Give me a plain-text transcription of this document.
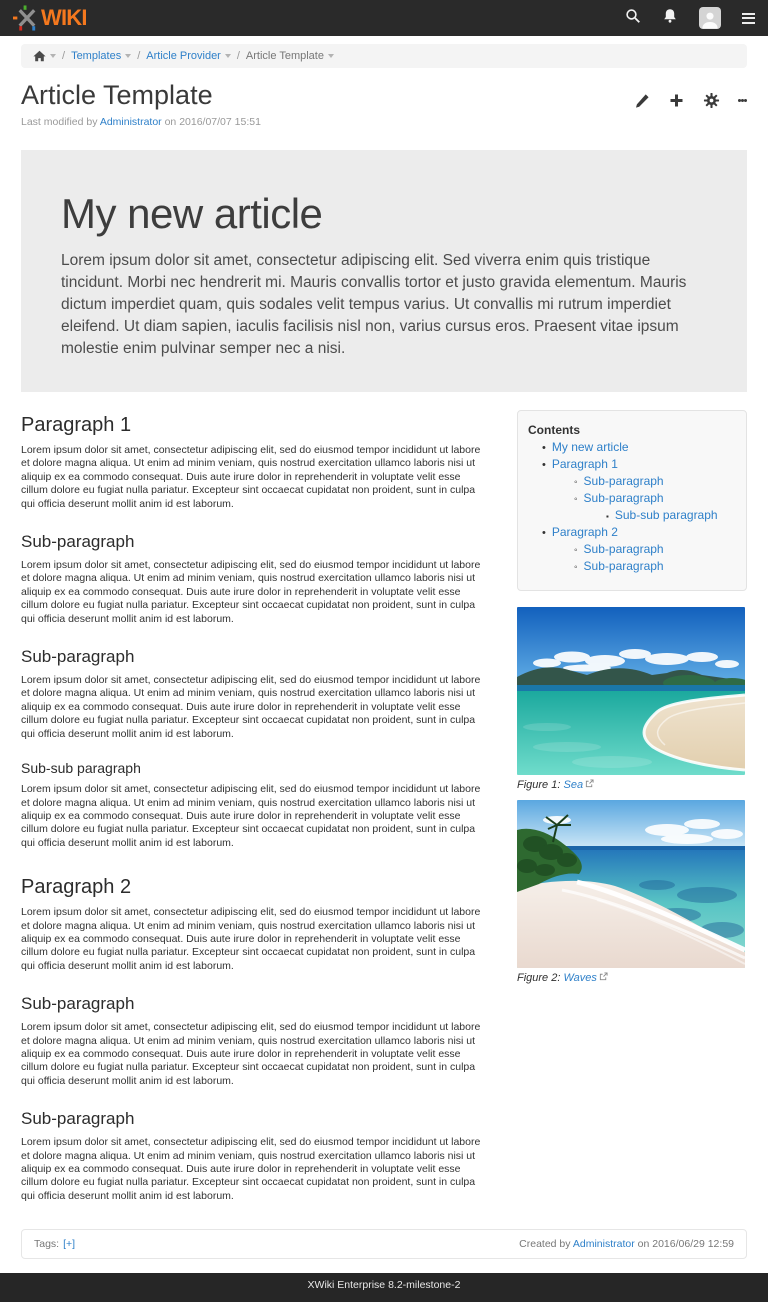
WIKI
/ Templates / Article Provider / Article Template
Article Template
Last modified by Administrator on 2016/07/07 15:51
My new article

Lorem ipsum dolor sit amet, consectetur adipiscing elit. Sed viverra enim quis tristique tincidunt. Morbi nec hendrerit mi. Mauris convallis tortor et justo gravida elementum. Mauris dictum imperdiet quam, quis sodales velit tempus varius. Ut convallis mi rutrum imperdiet eleifend. Ut diam sapien, iaculis facilisis nisl non, varius cursus eros. Praesent vitae ipsum molestie enim pulvinar semper nec a nisi.

Paragraph 1

Lorem ipsum dolor sit amet, consectetur adipiscing elit, sed do eiusmod tempor incididunt ut labore et dolore magna aliqua. Ut enim ad minim veniam, quis nostrud exercitation ullamco laboris nisi ut aliquip ex ea commodo consequat. Duis aute irure dolor in reprehenderit in voluptate velit esse cillum dolore eu fugiat nulla pariatur. Excepteur sint occaecat cupidatat non proident, sunt in culpa qui officia deserunt mollit anim id est laborum.

Sub-paragraph

Lorem ipsum dolor sit amet, consectetur adipiscing elit, sed do eiusmod tempor incididunt ut labore et dolore magna aliqua. Ut enim ad minim veniam, quis nostrud exercitation ullamco laboris nisi ut aliquip ex ea commodo consequat. Duis aute irure dolor in reprehenderit in voluptate velit esse cillum dolore eu fugiat nulla pariatur. Excepteur sint occaecat cupidatat non proident, sunt in culpa qui officia deserunt mollit anim id est laborum.

Sub-paragraph

Lorem ipsum dolor sit amet, consectetur adipiscing elit, sed do eiusmod tempor incididunt ut labore et dolore magna aliqua. Ut enim ad minim veniam, quis nostrud exercitation ullamco laboris nisi ut aliquip ex ea commodo consequat. Duis aute irure dolor in reprehenderit in voluptate velit esse cillum dolore eu fugiat nulla pariatur. Excepteur sint occaecat cupidatat non proident, sunt in culpa qui officia deserunt mollit anim id est laborum.

Sub-sub paragraph

Lorem ipsum dolor sit amet, consectetur adipiscing elit, sed do eiusmod tempor incididunt ut labore et dolore magna aliqua. Ut enim ad minim veniam, quis nostrud exercitation ullamco laboris nisi ut aliquip ex ea commodo consequat. Duis aute irure dolor in reprehenderit in voluptate velit esse cillum dolore eu fugiat nulla pariatur. Excepteur sint occaecat cupidatat non proident, sunt in culpa qui officia deserunt mollit anim id est laborum.

Paragraph 2

Lorem ipsum dolor sit amet, consectetur adipiscing elit, sed do eiusmod tempor incididunt ut labore et dolore magna aliqua. Ut enim ad minim veniam, quis nostrud exercitation ullamco laboris nisi ut aliquip ex ea commodo consequat. Duis aute irure dolor in reprehenderit in voluptate velit esse cillum dolore eu fugiat nulla pariatur. Excepteur sint occaecat cupidatat non proident, sunt in culpa qui officia deserunt mollit anim id est laborum.

Sub-paragraph

Lorem ipsum dolor sit amet, consectetur adipiscing elit, sed do eiusmod tempor incididunt ut labore et dolore magna aliqua. Ut enim ad minim veniam, quis nostrud exercitation ullamco laboris nisi ut aliquip ex ea commodo consequat. Duis aute irure dolor in reprehenderit in voluptate velit esse cillum dolore eu fugiat nulla pariatur. Excepteur sint occaecat cupidatat non proident, sunt in culpa qui officia deserunt mollit anim id est laborum.

Sub-paragraph

Lorem ipsum dolor sit amet, consectetur adipiscing elit, sed do eiusmod tempor incididunt ut labore et dolore magna aliqua. Ut enim ad minim veniam, quis nostrud exercitation ullamco laboris nisi ut aliquip ex ea commodo consequat. Duis aute irure dolor in reprehenderit in voluptate velit esse cillum dolore eu fugiat nulla pariatur. Excepteur sint occaecat cupidatat non proident, sunt in culpa qui officia deserunt mollit anim id est laborum.

Contents
•
My new article
•
Paragraph 1
◦
Sub-paragraph
◦
Sub-paragraph
▪
Sub-sub paragraph
•
Paragraph 2
◦
Sub-paragraph
◦
Sub-paragraph
Figure 1: Sea
Figure 2: Waves
Tags: [+]	Created by Administrator on 2016/06/29 12:59
XWiki Enterprise 8.2-milestone-2
